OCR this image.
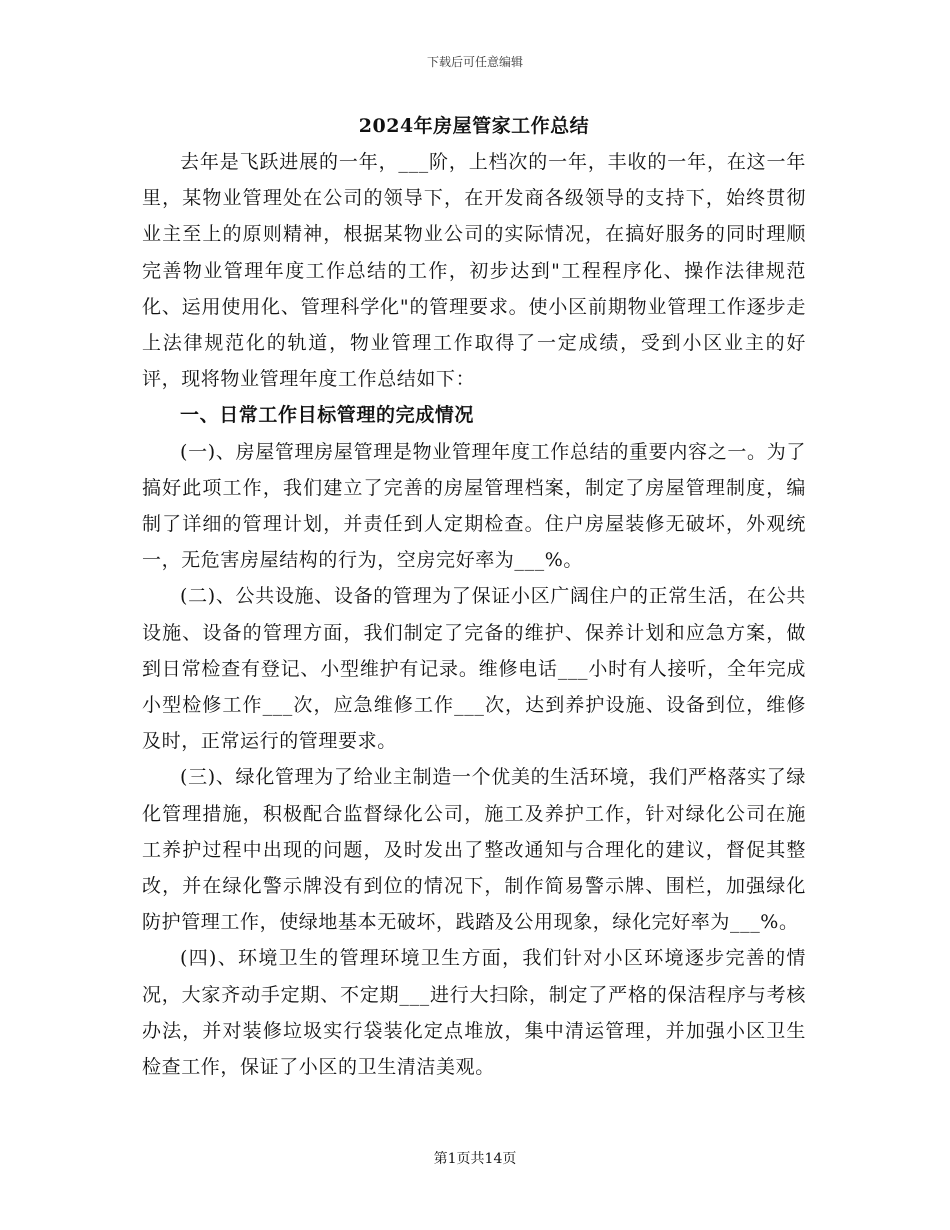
下载后可任意编辑
2024年房屋管家工作总结

去年是飞跃进展的一年，___阶，上档次的一年，丰收的一年，在这一年里，某物业管理处在公司的领导下，在开发商各级领导的支持下，始终贯彻业主至上的原则精神，根据某物业公司的实际情况，在搞好服务的同时理顺完善物业管理年度工作总结的工作，初步达到"工程程序化、操作法律规范化、运用使用化、管理科学化"的管理要求。使小区前期物业管理工作逐步走上法律规范化的轨道，物业管理工作取得了一定成绩，受到小区业主的好评，现将物业管理年度工作总结如下：

一、日常工作目标管理的完成情况

(一)、房屋管理房屋管理是物业管理年度工作总结的重要内容之一。为了搞好此项工作，我们建立了完善的房屋管理档案，制定了房屋管理制度，编制了详细的管理计划，并责任到人定期检查。住户房屋装修无破坏，外观统一，无危害房屋结构的行为，空房完好率为___%。

(二)、公共设施、设备的管理为了保证小区广阔住户的正常生活，在公共设施、设备的管理方面，我们制定了完备的维护、保养计划和应急方案，做到日常检查有登记、小型维护有记录。维修电话___小时有人接听，全年完成小型检修工作___次，应急维修工作___次，达到养护设施、设备到位，维修及时，正常运行的管理要求。

(三)、绿化管理为了给业主制造一个优美的生活环境，我们严格落实了绿化管理措施，积极配合监督绿化公司，施工及养护工作，针对绿化公司在施工养护过程中出现的问题，及时发出了整改通知与合理化的建议，督促其整改，并在绿化警示牌没有到位的情况下，制作简易警示牌、围栏，加强绿化防护管理工作，使绿地基本无破坏，践踏及公用现象，绿化完好率为___%。

(四)、环境卫生的管理环境卫生方面，我们针对小区环境逐步完善的情况，大家齐动手定期、不定期___进行大扫除，制定了严格的保洁程序与考核办法，并对装修垃圾实行袋装化定点堆放，集中清运管理，并加强小区卫生检查工作，保证了小区的卫生清洁美观。

第1页共14页
